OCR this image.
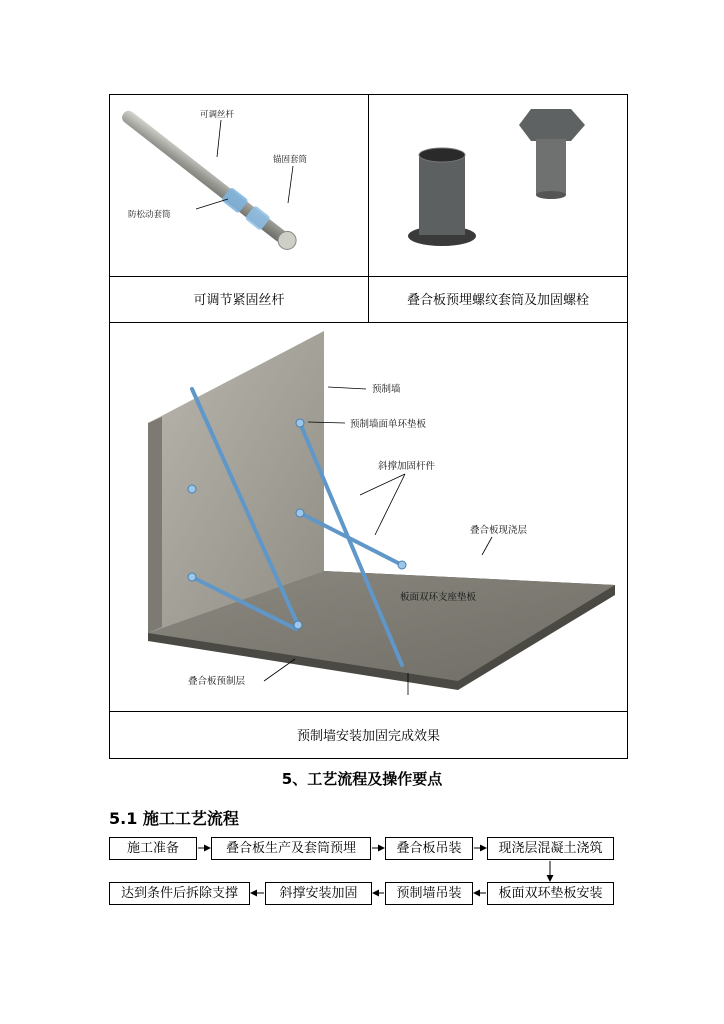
可调丝杆
锚固套筒
防松动套筒
可调节紧固丝杆	叠合板预埋螺纹套筒及加固螺栓
预制墙
预制墙面单环垫板
斜撑加固杆件
叠合板现浇层
板面双环支座垫板
叠合板预制层
预制墙安装加固完成效果
5、工艺流程及操作要点
5.1 施工工艺流程
施工准备	叠合板生产及套筒预埋	叠合板吊装	现浇层混凝土浇筑
达到条件后拆除支撑	斜撑安装加固	预制墙吊装	板面双环垫板安装
